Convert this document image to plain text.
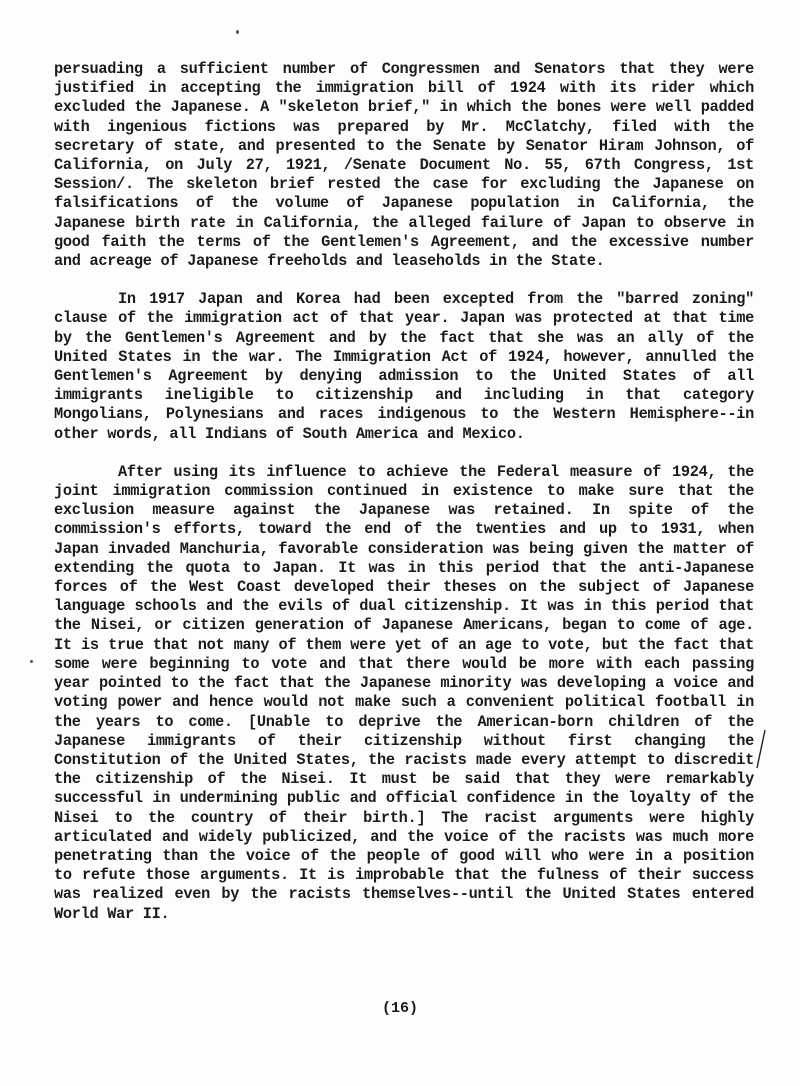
persuading a sufficient number of Congressmen and Senators that they were justified in accepting the immigration bill of 1924 with its rider which excluded the Japanese. A "skeleton brief," in which the bones were well padded with ingenious fictions was prepared by Mr. McClatchy, filed with the secretary of state, and presented to the Senate by Senator Hiram Johnson, of California, on July 27, 1921, /Senate Document No. 55, 67th Congress, 1st Session/. The skeleton brief rested the case for excluding the Japanese on falsifications of the volume of Japanese population in California, the Japanese birth rate in California, the alleged failure of Japan to observe in good faith the terms of the Gentlemen's Agreement, and the excessive number and acreage of Japanese freeholds and leaseholds in the State.

In 1917 Japan and Korea had been excepted from the "barred zoning" clause of the immigration act of that year. Japan was protected at that time by the Gentlemen's Agreement and by the fact that she was an ally of the United States in the war. The Immigration Act of 1924, however, annulled the Gentlemen's Agreement by denying admission to the United States of all immigrants ineligible to citizenship and including in that category Mongolians, Polynesians and races indigenous to the Western Hemisphere--in other words, all Indians of South America and Mexico.

After using its influence to achieve the Federal measure of 1924, the joint immigration commission continued in existence to make sure that the exclusion measure against the Japanese was retained. In spite of the commission's efforts, toward the end of the twenties and up to 1931, when Japan invaded Manchuria, favorable consideration was being given the matter of extending the quota to Japan. It was in this period that the anti-Japanese forces of the West Coast developed their theses on the subject of Japanese language schools and the evils of dual citizenship. It was in this period that the Nisei, or citizen generation of Japanese Americans, began to come of age. It is true that not many of them were yet of an age to vote, but the fact that some were beginning to vote and that there would be more with each passing year pointed to the fact that the Japanese minority was developing a voice and voting power and hence would not make such a convenient political football in the years to come. [Unable to deprive the American-born children of the Japanese immigrants of their citizenship without first changing the Constitution of the United States, the racists made every attempt to discredit the citizenship of the Nisei. It must be said that they were remarkably successful in undermining public and official confidence in the loyalty of the Nisei to the country of their birth.] The racist arguments were highly articulated and widely publicized, and the voice of the racists was much more penetrating than the voice of the people of good will who were in a position to refute those arguments. It is improbable that the fulness of their success was realized even by the racists themselves--until the United States entered World War II.

(16)
